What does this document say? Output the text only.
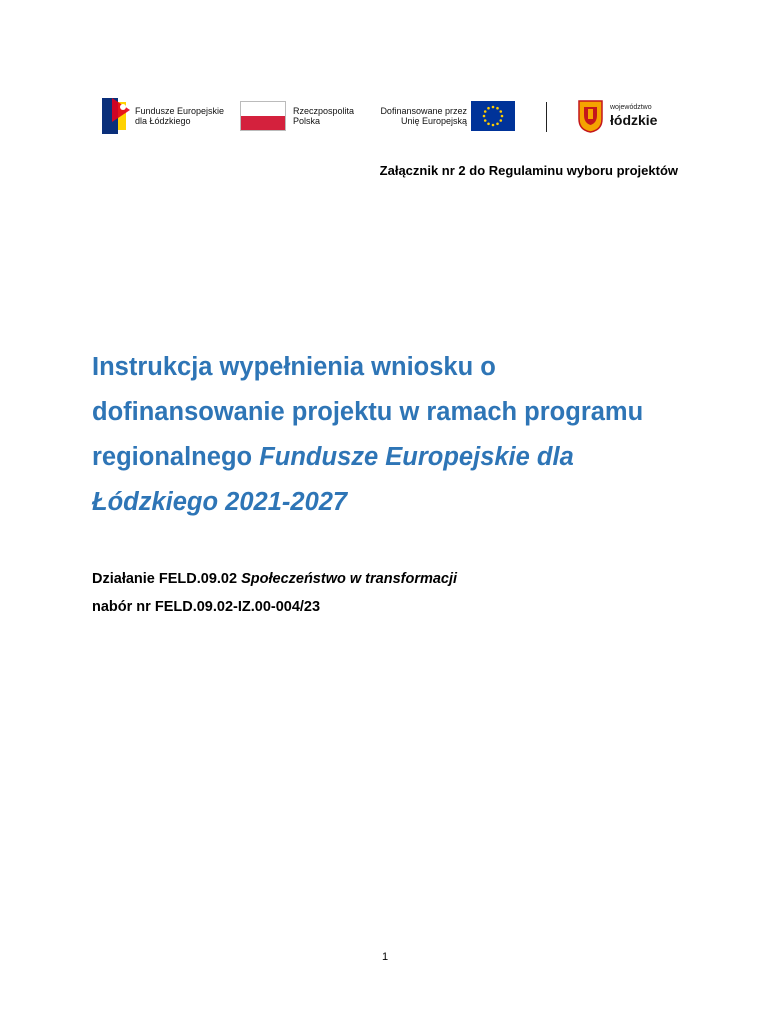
Fundusze Europejskie
dla Łódzkiego
Rzeczpospolita
Polska
Dofinansowane przez
Unię Europejską
województwo
łódzkie
Załącznik nr 2 do Regulaminu wyboru projektów
Instrukcja wypełnienia wniosku o dofinansowanie projektu w ramach programu regionalnego Fundusze Europejskie dla Łódzkiego 2021-2027
Działanie FELD.09.02 Społeczeństwo w transformacji
nabór nr FELD.09.02-IZ.00-004/23
1
